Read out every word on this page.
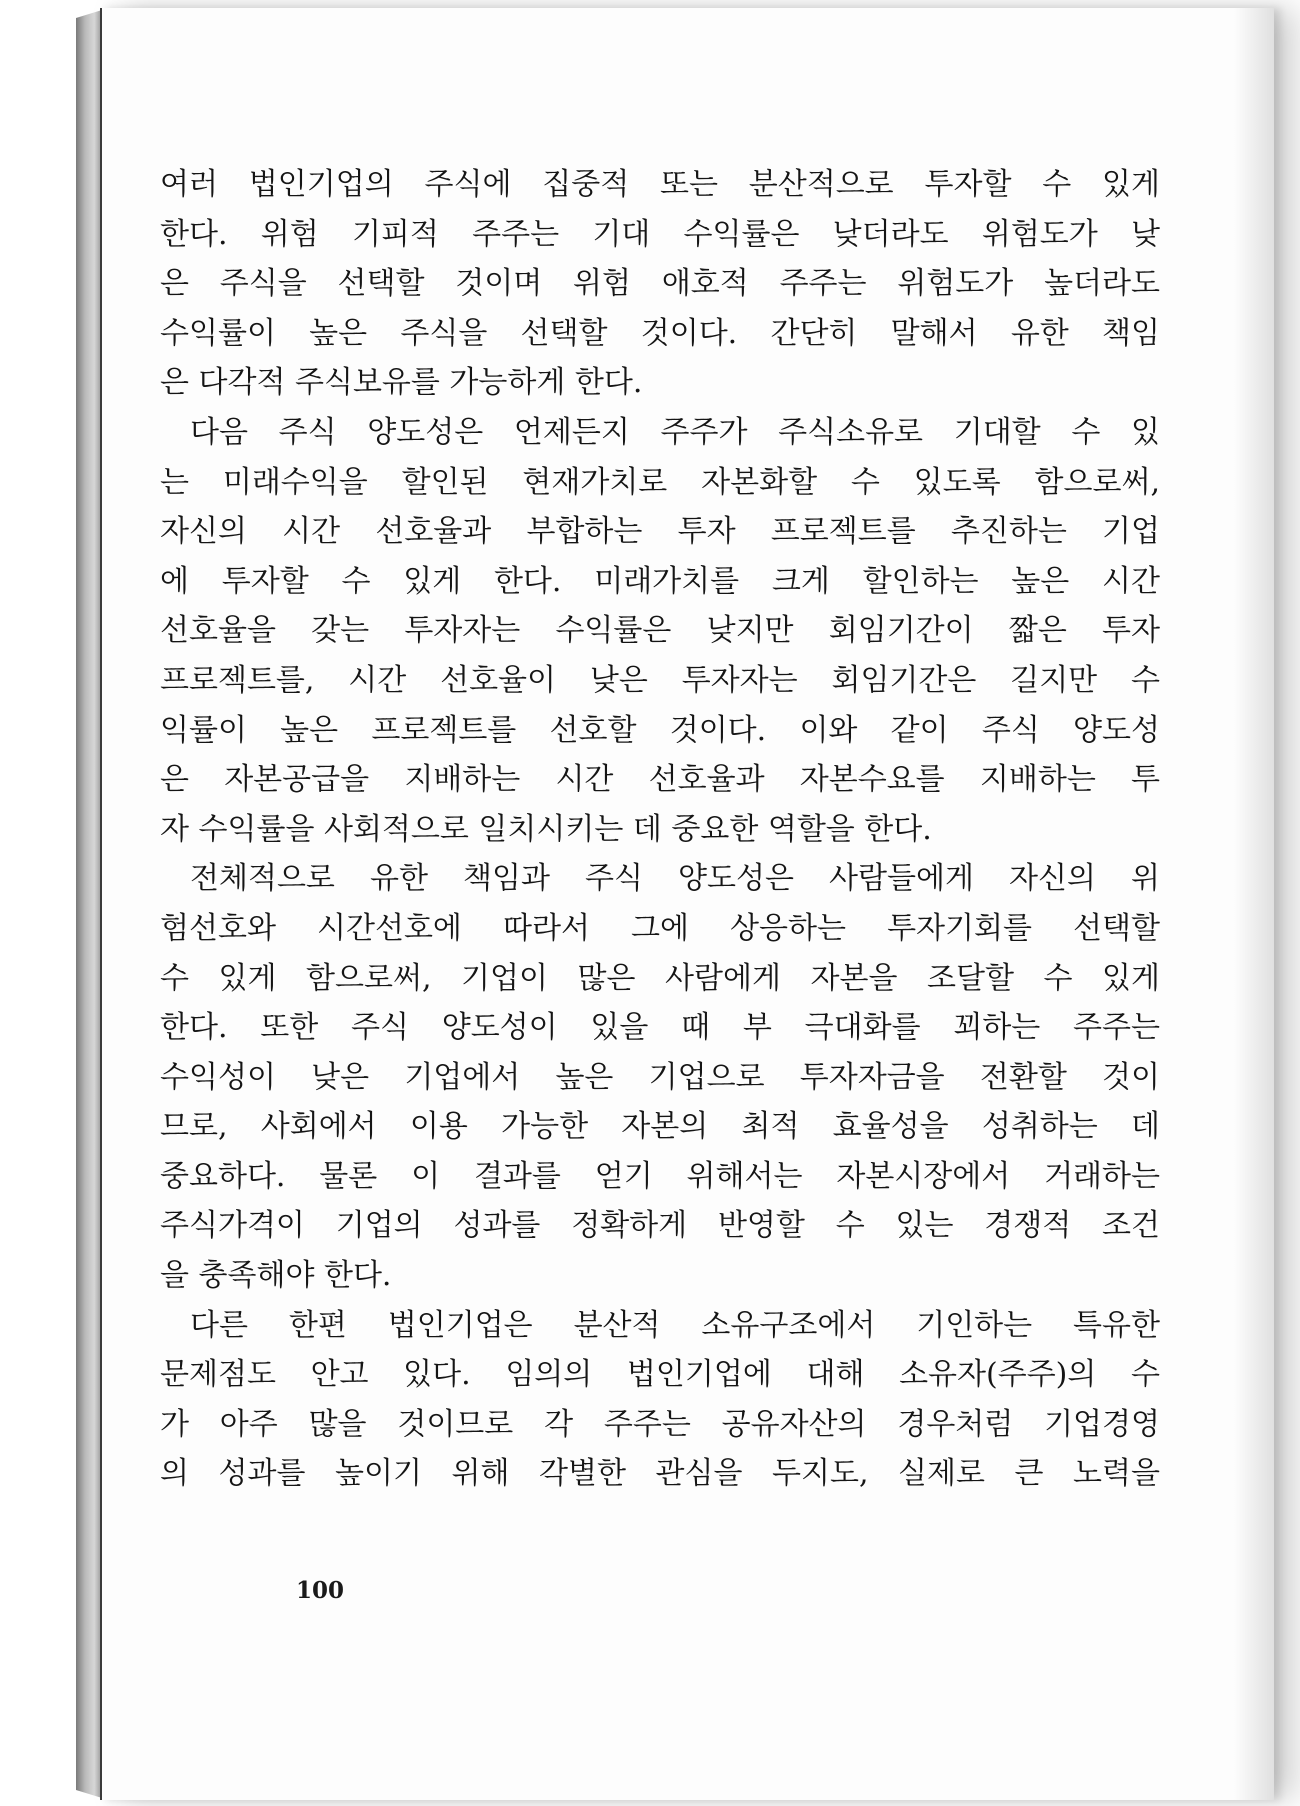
여러 법인기업의 주식에 집중적 또는 분산적으로 투자할 수 있게
한다. 위험 기피적 주주는 기대 수익률은 낮더라도 위험도가 낮
은 주식을 선택할 것이며 위험 애호적 주주는 위험도가 높더라도
수익률이 높은 주식을 선택할 것이다. 간단히 말해서 유한 책임
은 다각적 주식보유를 가능하게 한다.
다음 주식 양도성은 언제든지 주주가 주식소유로 기대할 수 있
는 미래수익을 할인된 현재가치로 자본화할 수 있도록 함으로써,
자신의 시간 선호율과 부합하는 투자 프로젝트를 추진하는 기업
에 투자할 수 있게 한다. 미래가치를 크게 할인하는 높은 시간
선호율을 갖는 투자자는 수익률은 낮지만 회임기간이 짧은 투자
프로젝트를, 시간 선호율이 낮은 투자자는 회임기간은 길지만 수
익률이 높은 프로젝트를 선호할 것이다. 이와 같이 주식 양도성
은 자본공급을 지배하는 시간 선호율과 자본수요를 지배하는 투
자 수익률을 사회적으로 일치시키는 데 중요한 역할을 한다.
전체적으로 유한 책임과 주식 양도성은 사람들에게 자신의 위
험선호와 시간선호에 따라서 그에 상응하는 투자기회를 선택할
수 있게 함으로써, 기업이 많은 사람에게 자본을 조달할 수 있게
한다. 또한 주식 양도성이 있을 때 부 극대화를 꾀하는 주주는
수익성이 낮은 기업에서 높은 기업으로 투자자금을 전환할 것이
므로, 사회에서 이용 가능한 자본의 최적 효율성을 성취하는 데
중요하다. 물론 이 결과를 얻기 위해서는 자본시장에서 거래하는
주식가격이 기업의 성과를 정확하게 반영할 수 있는 경쟁적 조건
을 충족해야 한다.
다른 한편 법인기업은 분산적 소유구조에서 기인하는 특유한
문제점도 안고 있다. 임의의 법인기업에 대해 소유자(주주)의 수
가 아주 많을 것이므로 각 주주는 공유자산의 경우처럼 기업경영
의 성과를 높이기 위해 각별한 관심을 두지도, 실제로 큰 노력을
100
